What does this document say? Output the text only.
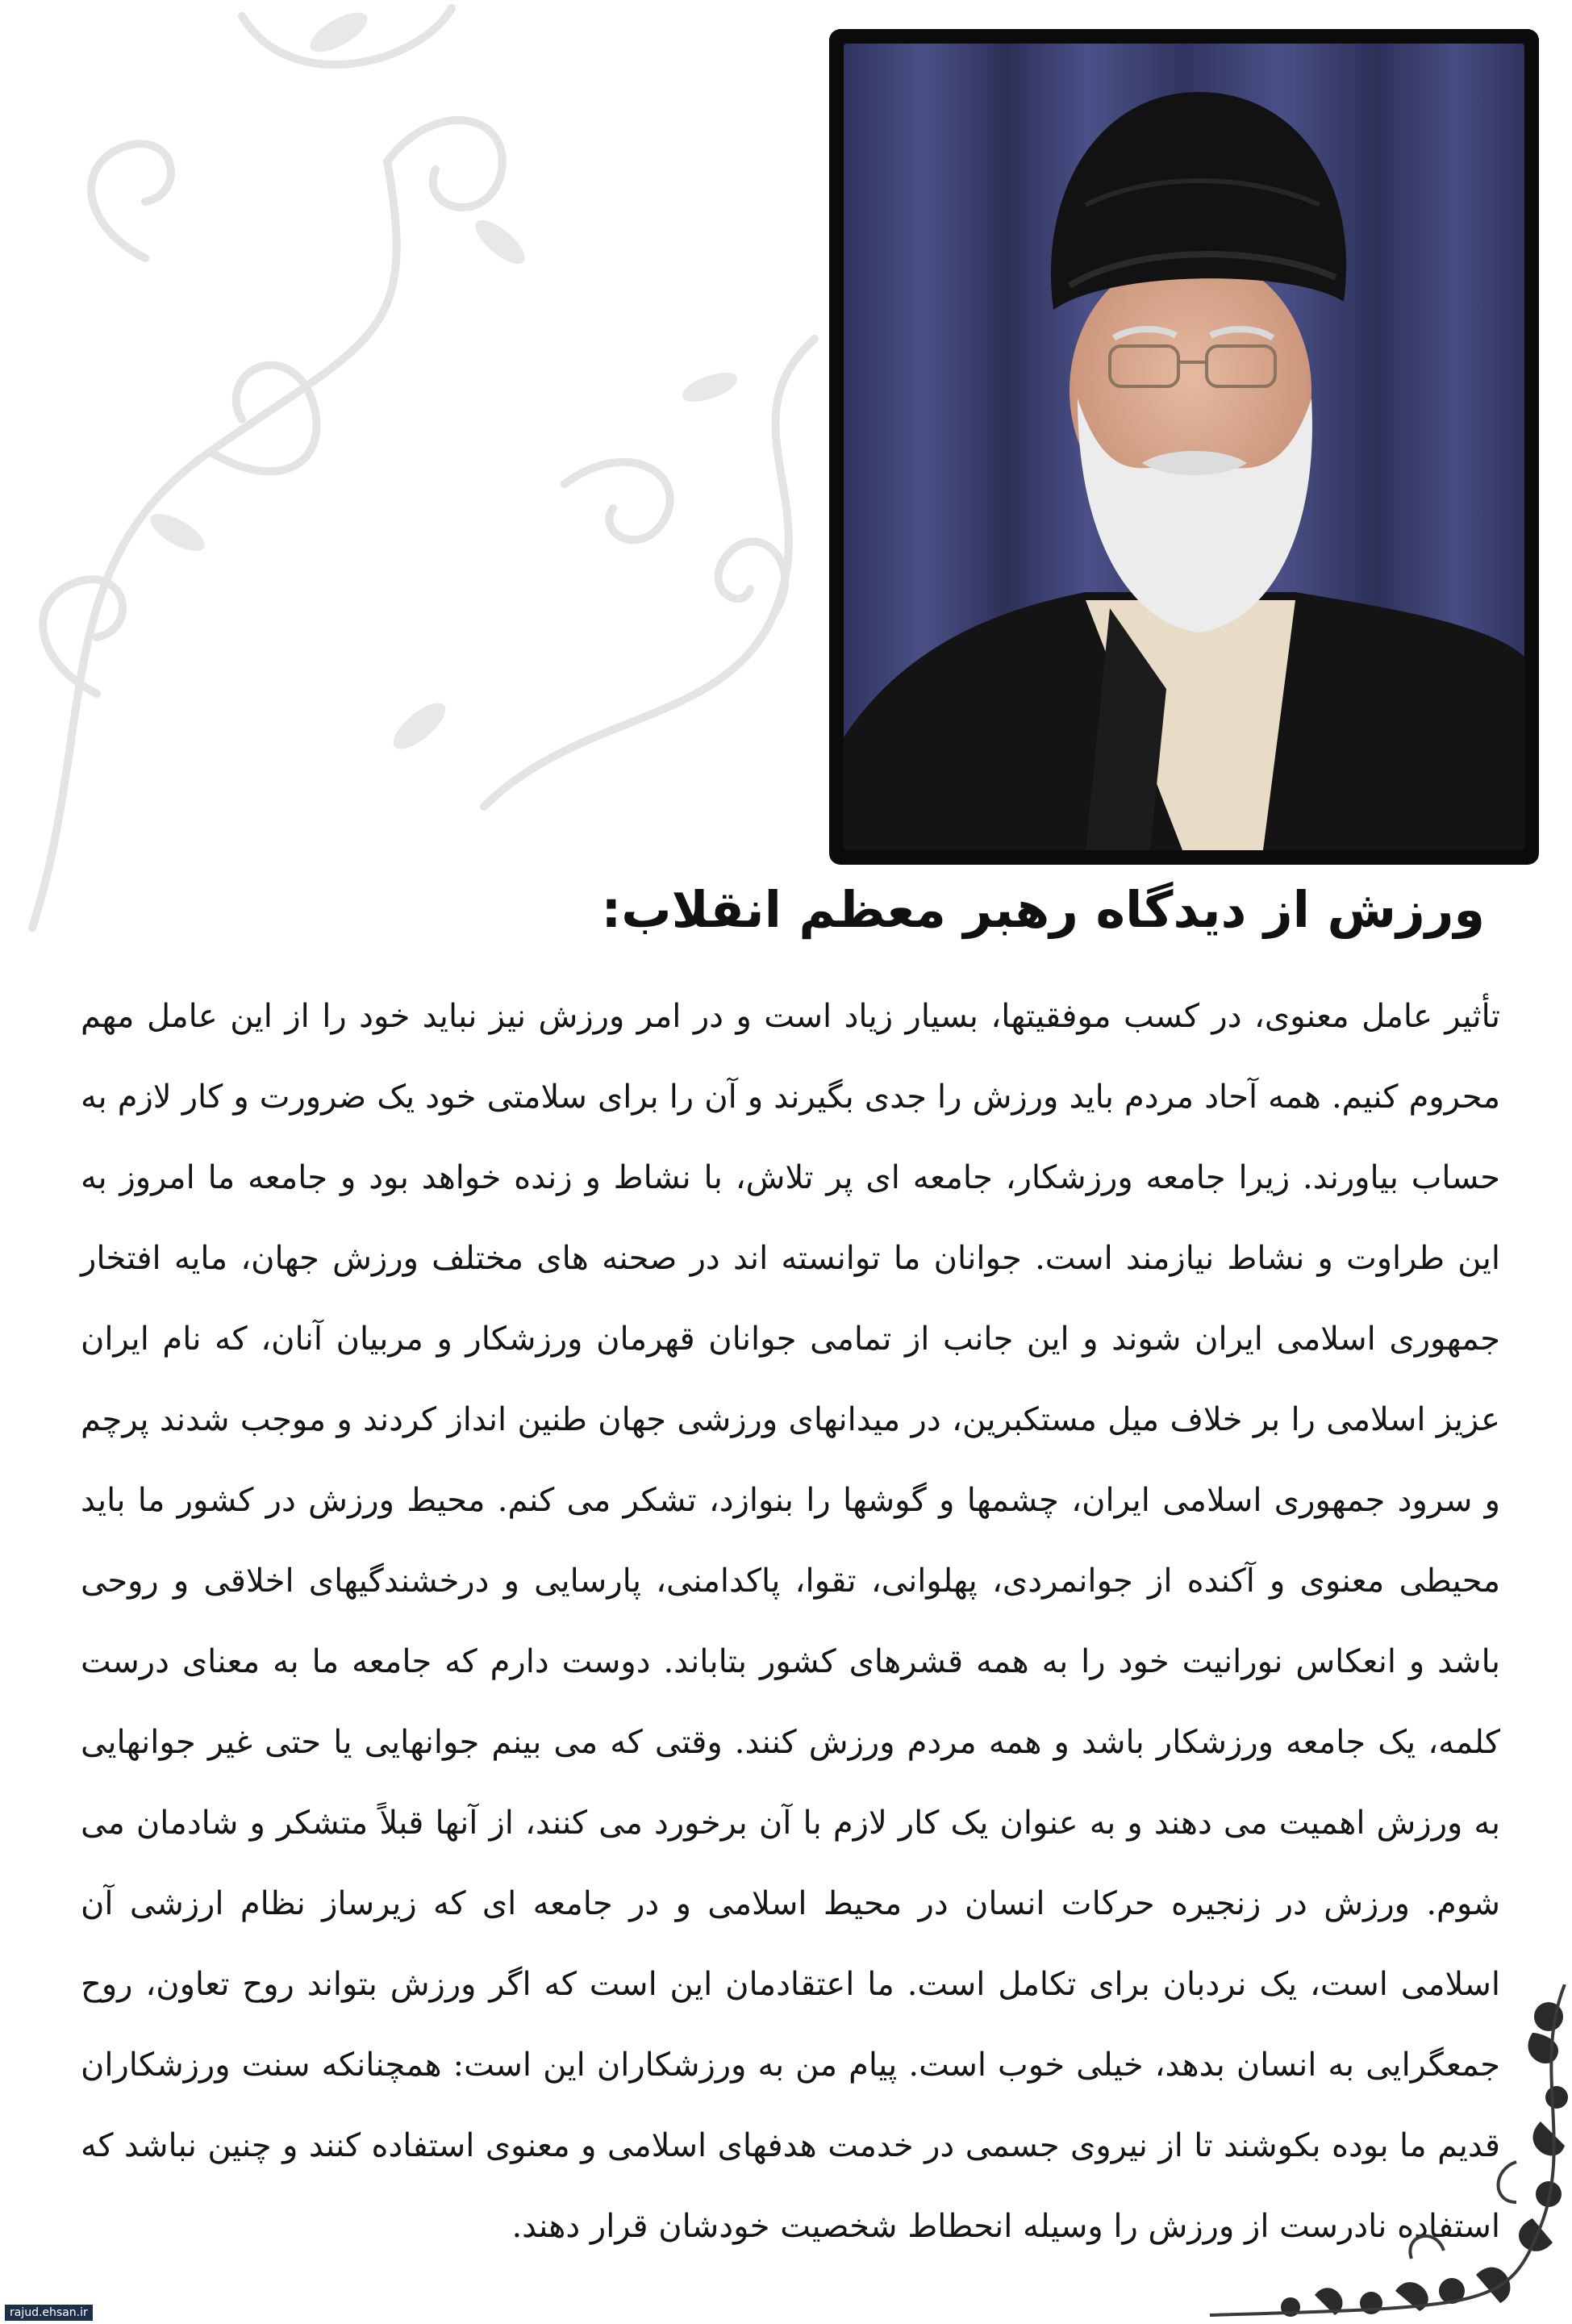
ورزش از دیدگاه رهبر معظم انقلاب:

تأثیر عامل معنوی، در کسب موفقیتها، بسیار زیاد است و در امر ورزش نیز نباید خود را از این عامل مهم محروم کنیم. همه آحاد مردم باید ورزش را جدی بگیرند و آن را برای سلامتی خود یک ضرورت و کار لازم به حساب بیاورند. زیرا جامعه ورزشکار، جامعه ای پر تلاش، با نشاط و زنده خواهد بود و جامعه ما امروز به این طراوت و نشاط نیازمند است. جوانان ما توانسته اند در صحنه های مختلف ورزش جهان، مایه افتخار جمهوری اسلامی ایران شوند و این جانب از تمامی جوانان قهرمان ورزشکار و مربیان آنان، که نام ایران عزیز اسلامی را بر خلاف میل مستکبرین، در میدانهای ورزشی جهان طنین انداز کردند و موجب شدند پرچم و سرود جمهوری اسلامی ایران، چشمها و گوشها را بنوازد، تشکر می کنم. محیط ورزش در کشور ما باید محیطی معنوی و آکنده از جوانمردی، پهلوانی، تقوا، پاکدامنی، پارسایی و درخشندگیهای اخلاقی و روحی باشد و انعکاس نورانیت خود را به همه قشرهای کشور بتاباند. دوست دارم که جامعه ما به معنای درست کلمه، یک جامعه ورزشکار باشد و همه مردم ورزش کنند. وقتی که می بینم جوانهایی یا حتی غیر جوانهایی به ورزش اهمیت می دهند و به عنوان یک کار لازم با آن برخورد می کنند، از آنها قبلاً متشکر و شادمان می شوم. ورزش در زنجیره حرکات انسان در محیط اسلامی و در جامعه ای که زیرساز نظام ارزشی آن اسلامی است، یک نردبان برای تکامل است. ما اعتقادمان این است که اگر ورزش بتواند روح تعاون، روح جمعگرایی به انسان بدهد، خیلی خوب است. پیام من به ورزشکاران این است: همچنانکه سنت ورزشکاران قدیم ما بوده بکوشند تا از نیروی جسمی در خدمت هدفهای اسلامی و معنوی استفاده کنند و چنین نباشد که استفاده نادرست از ورزش را وسیله انحطاط شخصیت خودشان قرار دهند.

rajud.ehsan.ir
